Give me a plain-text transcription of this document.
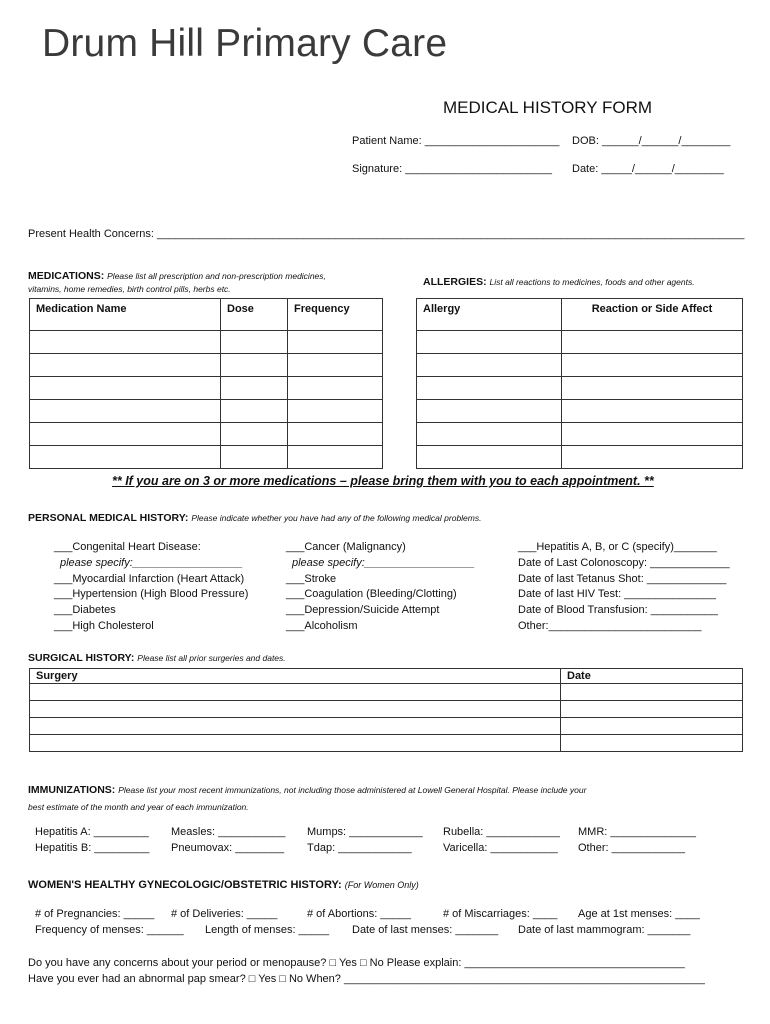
Drum Hill Primary Care
MEDICAL HISTORY FORM
Patient Name: ______________________ DOB: ______/______/________
Signature: ________________________ Date: _____/______/________
Present Health Concerns: ________________________________________________________________________________________________
MEDICATIONS: Please list all prescription and non-prescription medicines,
vitamins, home remedies, birth control pills, herbs etc.
ALLERGIES: List all reactions to medicines, foods and other agents.
Medication Name	Dose	Frequency

			Allergy	Reaction or Side Affect

** If you are on 3 or more medications – please bring them with you to each appointment. **
PERSONAL MEDICAL HISTORY: Please indicate whether you have had any of the following medical problems.
___Congenital Heart Disease:
please specify:__________________
___Myocardial Infarction (Heart Attack)
___Hypertension (High Blood Pressure)
___Diabetes
___High Cholesterol
___Cancer (Malignancy)
please specify:__________________
___Stroke
___Coagulation (Bleeding/Clotting)
___Depression/Suicide Attempt
___Alcoholism
___Hepatitis A, B, or C (specify)_______
Date of Last Colonoscopy: _____________
Date of last Tetanus Shot: _____________
Date of last HIV Test: _______________
Date of Blood Transfusion: ___________
Other:_________________________
SURGICAL HISTORY: Please list all prior surgeries and dates.
Surgery	Date

IMMUNIZATIONS: Please list your most recent immunizations, not including those administered at Lowell General Hospital. Please include your
best estimate of the month and year of each immunization.
Hepatitis A: _________ Measles: ___________ Mumps: ____________ Rubella: ____________ MMR: ______________
Hepatitis B: _________ Pneumovax: ________ Tdap: ____________	Varicella: ___________ Other: ____________
WOMEN'S HEALTHY GYNECOLOGIC/OBSTETRIC HISTORY: (For Women Only)
# of Pregnancies: _____ # of Deliveries: _____	# of Abortions: _____	# of Miscarriages: ____ Age at 1st menses: ____
Frequency of menses: ______ Length of menses: _____ Date of last menses: _______ Date of last mammogram: _______
Do you have any concerns about your period or menopause? □ Yes □ No Please explain: ____________________________________
Have you ever had an abnormal pap smear? □ Yes □ No When? ___________________________________________________________
